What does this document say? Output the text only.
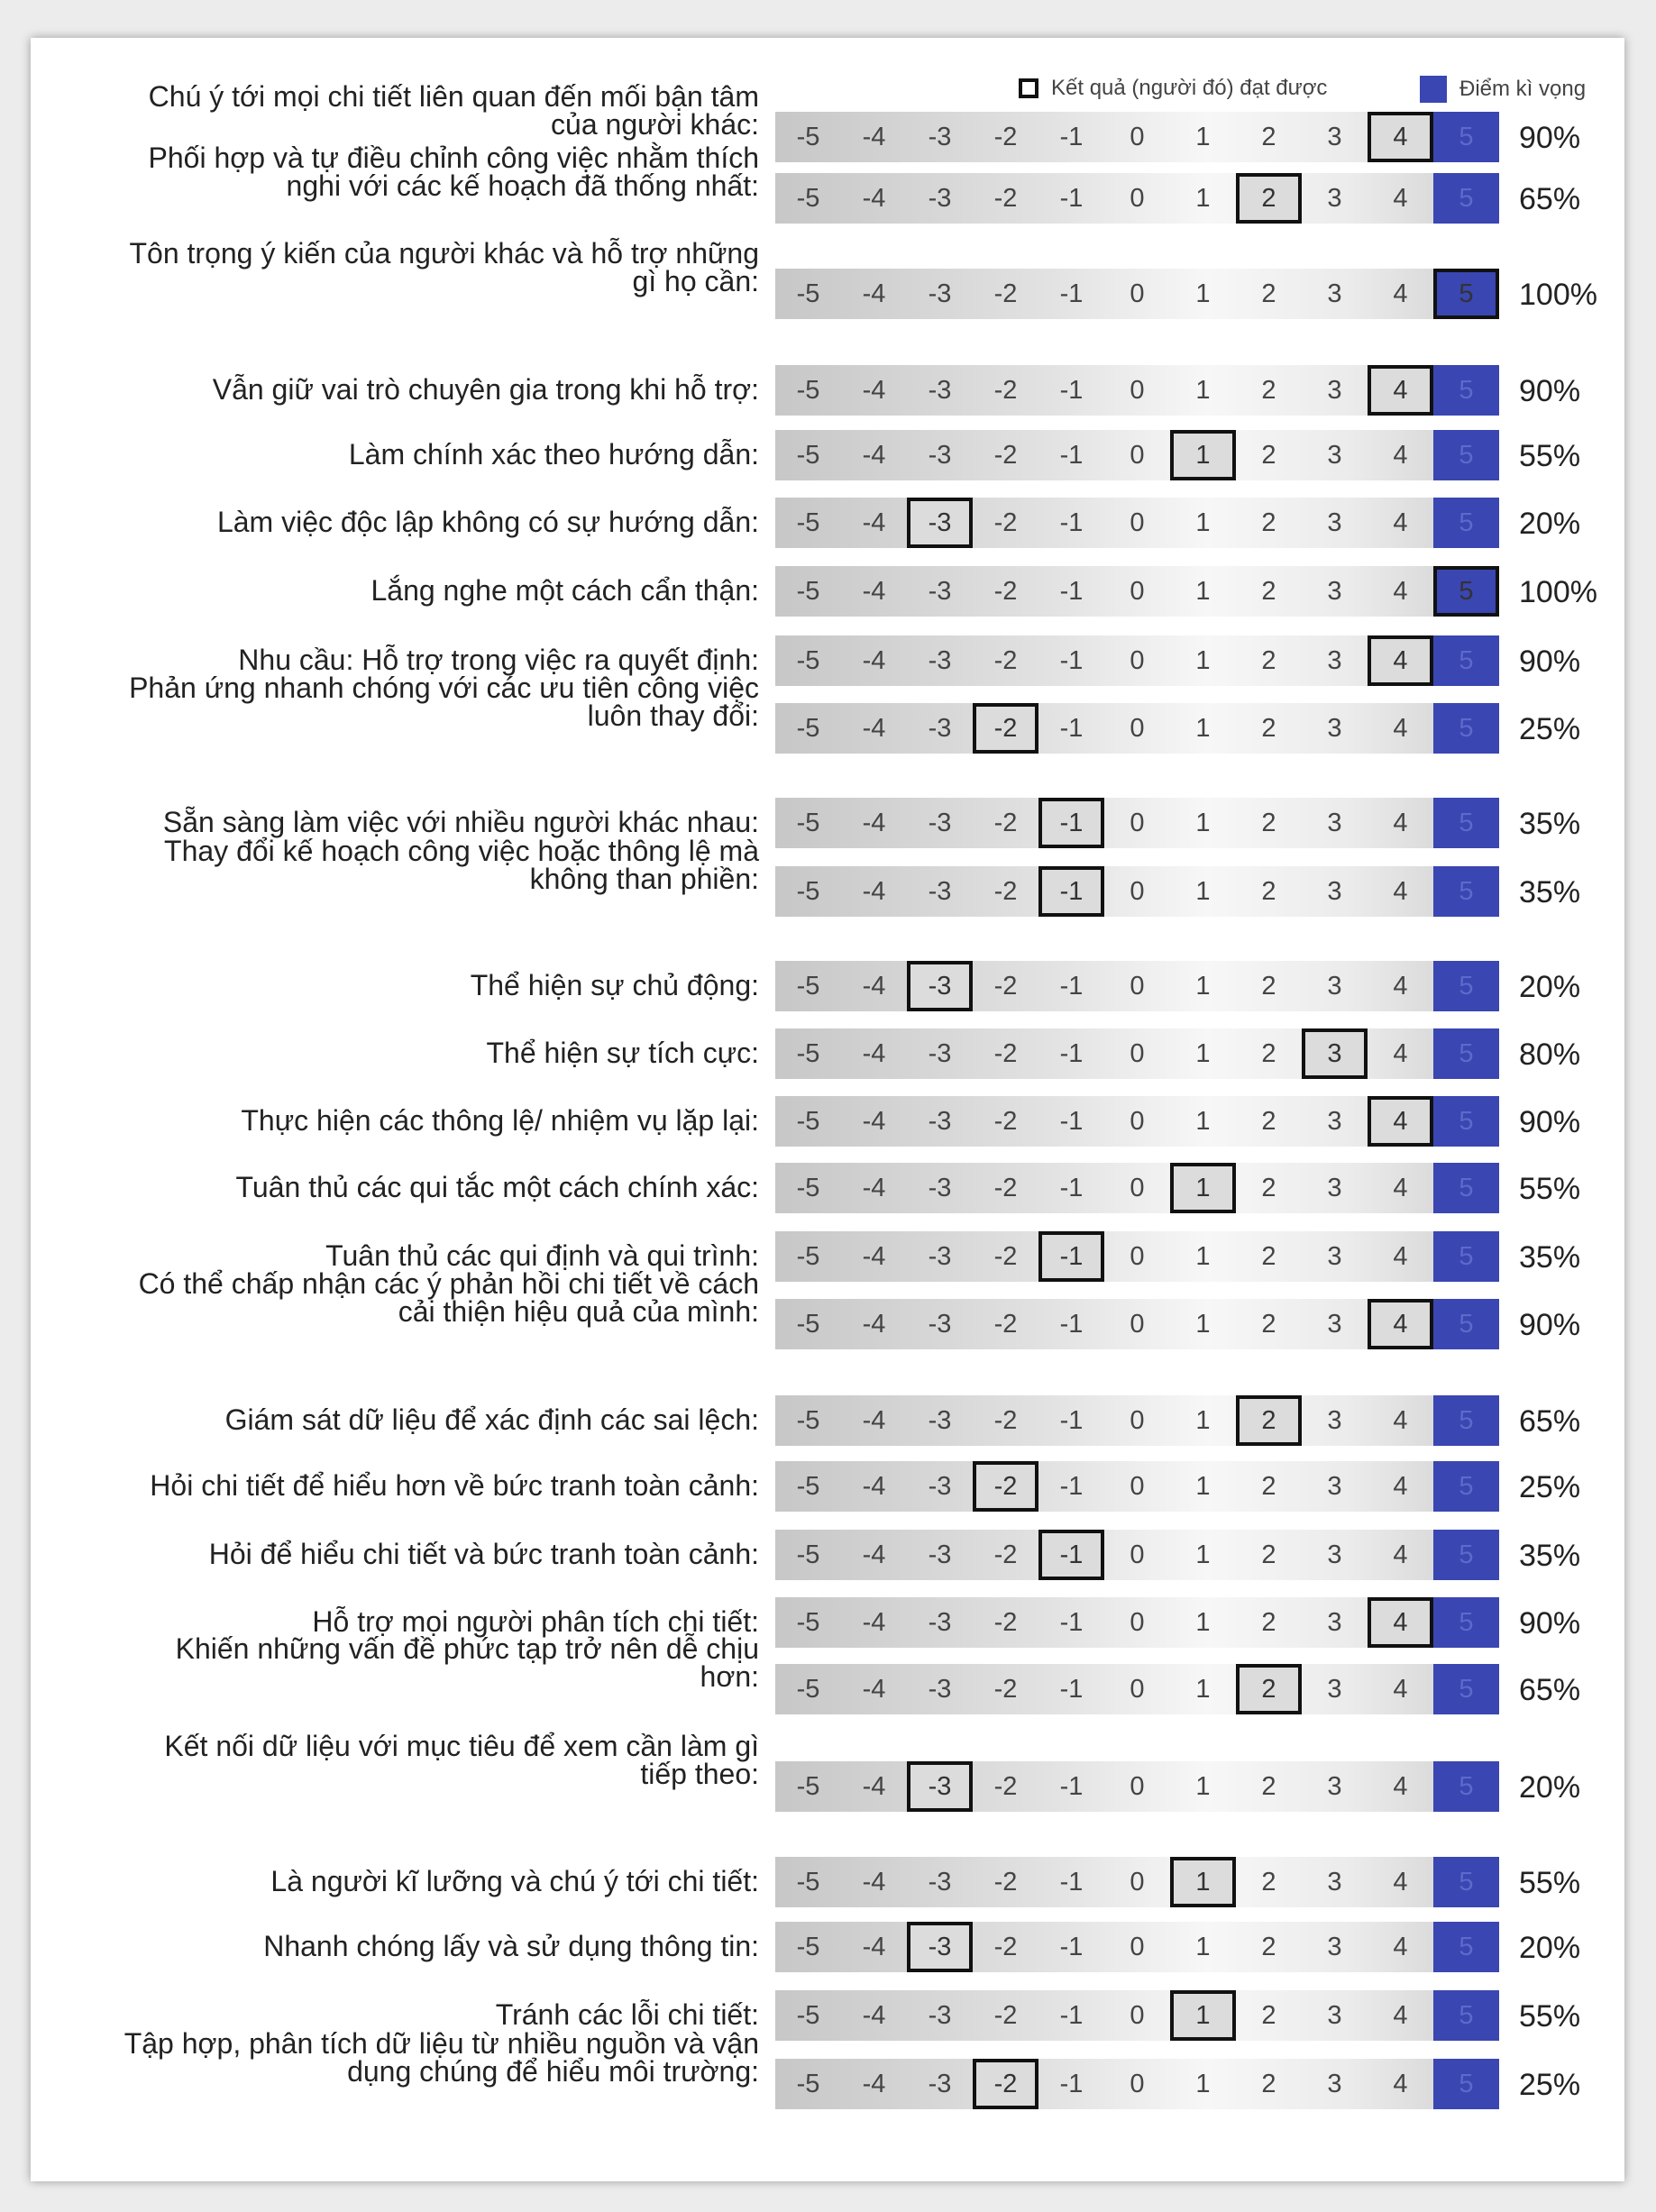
Kết quả (người đó) đạt được	Điểm kì vọng
Chú ý tới mọi chi tiết liên quan đến mối bận tâm
của người khác:	-5	-4	-3	-2	-1	0	1	2	3	4	5	90%
Phối hợp và tự điều chỉnh công việc nhằm thích
nghi với các kế hoạch đã thống nhất:	-5	-4	-3	-2	-1	0	1	2	3	4	5	65%
Tôn trọng ý kiến của người khác và hỗ trợ những
gì họ cần:	-5	-4	-3	-2	-1	0	1	2	3	4	5	100%
Vẫn giữ vai trò chuyên gia trong khi hỗ trợ:	-5	-4	-3	-2	-1	0	1	2	3	4	5	90%
Làm chính xác theo hướng dẫn:	-5	-4	-3	-2	-1	0	1	2	3	4	5	55%
Làm việc độc lập không có sự hướng dẫn:	-5	-4	-3	-2	-1	0	1	2	3	4	5	20%
Lắng nghe một cách cẩn thận:	-5	-4	-3	-2	-1	0	1	2	3	4	5	100%
Nhu cầu: Hỗ trợ trong việc ra quyết định:	-5	-4	-3	-2	-1	0	1	2	3	4	5	90%
Phản ứng nhanh chóng với các ưu tiên công việc
luôn thay đổi:	-5	-4	-3	-2	-1	0	1	2	3	4	5	25%
Sẵn sàng làm việc với nhiều người khác nhau:	-5	-4	-3	-2	-1	0	1	2	3	4	5	35%
Thay đổi kế hoạch công việc hoặc thông lệ mà
không than phiền:	-5	-4	-3	-2	-1	0	1	2	3	4	5	35%
Thể hiện sự chủ động:	-5	-4	-3	-2	-1	0	1	2	3	4	5	20%
Thể hiện sự tích cực:	-5	-4	-3	-2	-1	0	1	2	3	4	5	80%
Thực hiện các thông lệ/ nhiệm vụ lặp lại:	-5	-4	-3	-2	-1	0	1	2	3	4	5	90%
Tuân thủ các qui tắc một cách chính xác:	-5	-4	-3	-2	-1	0	1	2	3	4	5	55%
Tuân thủ các qui định và qui trình:	-5	-4	-3	-2	-1	0	1	2	3	4	5	35%
Có thể chấp nhận các ý phản hồi chi tiết về cách
cải thiện hiệu quả của mình:	-5	-4	-3	-2	-1	0	1	2	3	4	5	90%
Giám sát dữ liệu để xác định các sai lệch:	-5	-4	-3	-2	-1	0	1	2	3	4	5	65%
Hỏi chi tiết để hiểu hơn về bức tranh toàn cảnh:	-5	-4	-3	-2	-1	0	1	2	3	4	5	25%
Hỏi để hiểu chi tiết và bức tranh toàn cảnh:	-5	-4	-3	-2	-1	0	1	2	3	4	5	35%
Hỗ trợ mọi người phân tích chi tiết:	-5	-4	-3	-2	-1	0	1	2	3	4	5	90%
Khiến những vấn đề phức tạp trở nên dễ chịu
hơn:	-5	-4	-3	-2	-1	0	1	2	3	4	5	65%
Kết nối dữ liệu với mục tiêu để xem cần làm gì
tiếp theo:	-5	-4	-3	-2	-1	0	1	2	3	4	5	20%
Là người kĩ lưỡng và chú ý tới chi tiết:	-5	-4	-3	-2	-1	0	1	2	3	4	5	55%
Nhanh chóng lấy và sử dụng thông tin:	-5	-4	-3	-2	-1	0	1	2	3	4	5	20%
Tránh các lỗi chi tiết:	-5	-4	-3	-2	-1	0	1	2	3	4	5	55%
Tập hợp, phân tích dữ liệu từ nhiều nguồn và vận
dụng chúng để hiểu môi trường:	-5	-4	-3	-2	-1	0	1	2	3	4	5	25%
